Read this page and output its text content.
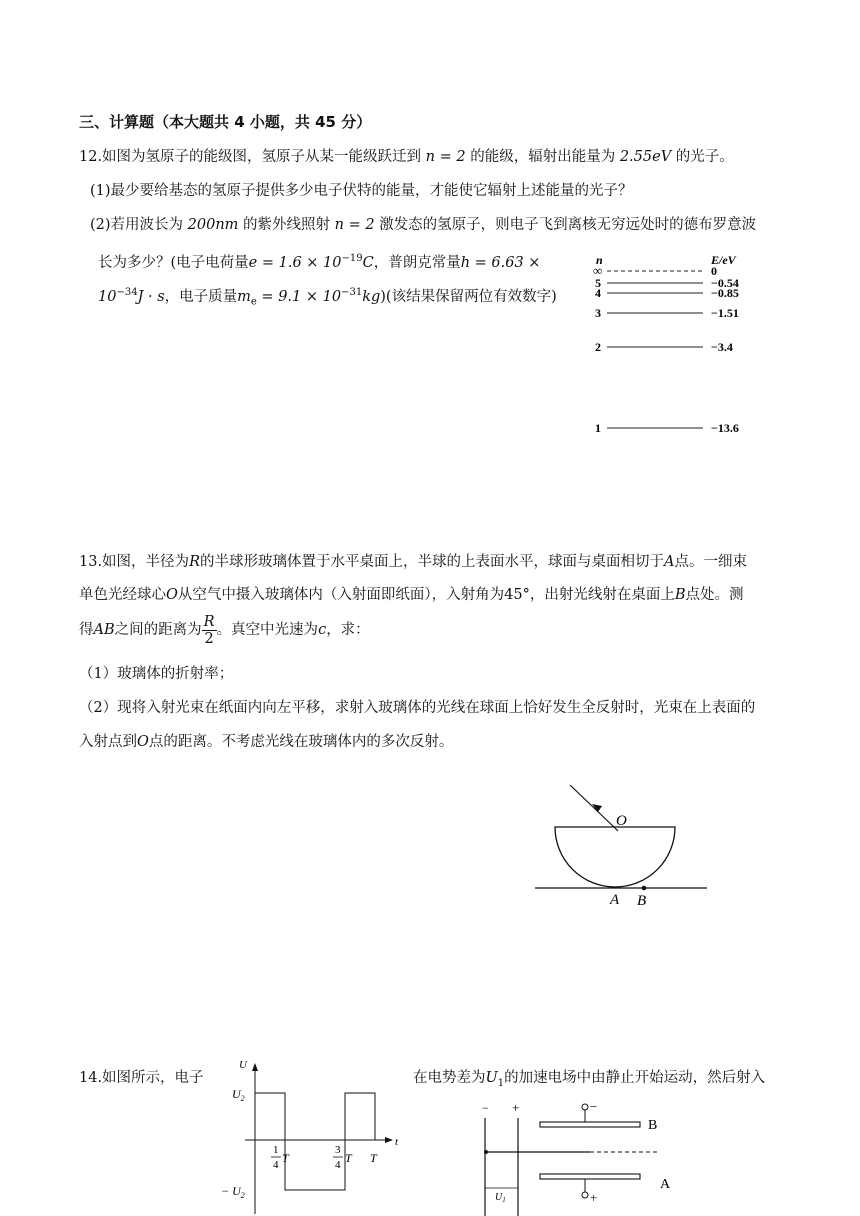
三、计算题（本大题共 4 小题，共 45 分）
12.如图为氢原子的能级图，氢原子从某一能级跃迁到 n = 2 的能级，辐射出能量为 2.55eV 的光子。
(1)最少要给基态的氢原子提供多少电子伏特的能量，才能使它辐射上述能量的光子？
(2)若用波长为 200nm 的紫外线照射 n = 2 激发态的氢原子，则电子飞到离核无穷远处时的德布罗意波
长为多少？(电子电荷量$e = 1.6 \times 10^{-19}C$，普朗克常量h = 6.63 ×
$10^{-34}J \cdot s$，电子质量$m_e = 9.1 \times 10^{-31}kg$)(该结果保留两位有效数字)
n	E/eV
∞	0
5	−0.54
4	−0.85
3	−1.51
2	−3.4
1	−13.6
13.如图，半径为R的半球形玻璃体置于水平桌面上，半球的上表面水平，球面与桌面相切于A点。一细束
单色光经球心O从空气中摄入玻璃体内（入射面即纸面），入射角为45°，出射光线射在桌面上B点处。测
得AB之间的距离为 $\frac{R}{2}$ 。真空中光速为c，求：
（1）玻璃体的折射率；
（2）现将入射光束在纸面内向左平移，求射入玻璃体的光线在球面上恰好发生全反射时，光束在上表面的
入射点到O点的距离。不考虑光线在玻璃体内的多次反射。
O
A B
14.如图所示，电子	在电势差为$U_1$的加速电场中由静止开始运动，然后射入
U
t
$U_2$
− $U_2$
1
4 T
3
4 T T
− +	−
+
B
A
$U_1$
